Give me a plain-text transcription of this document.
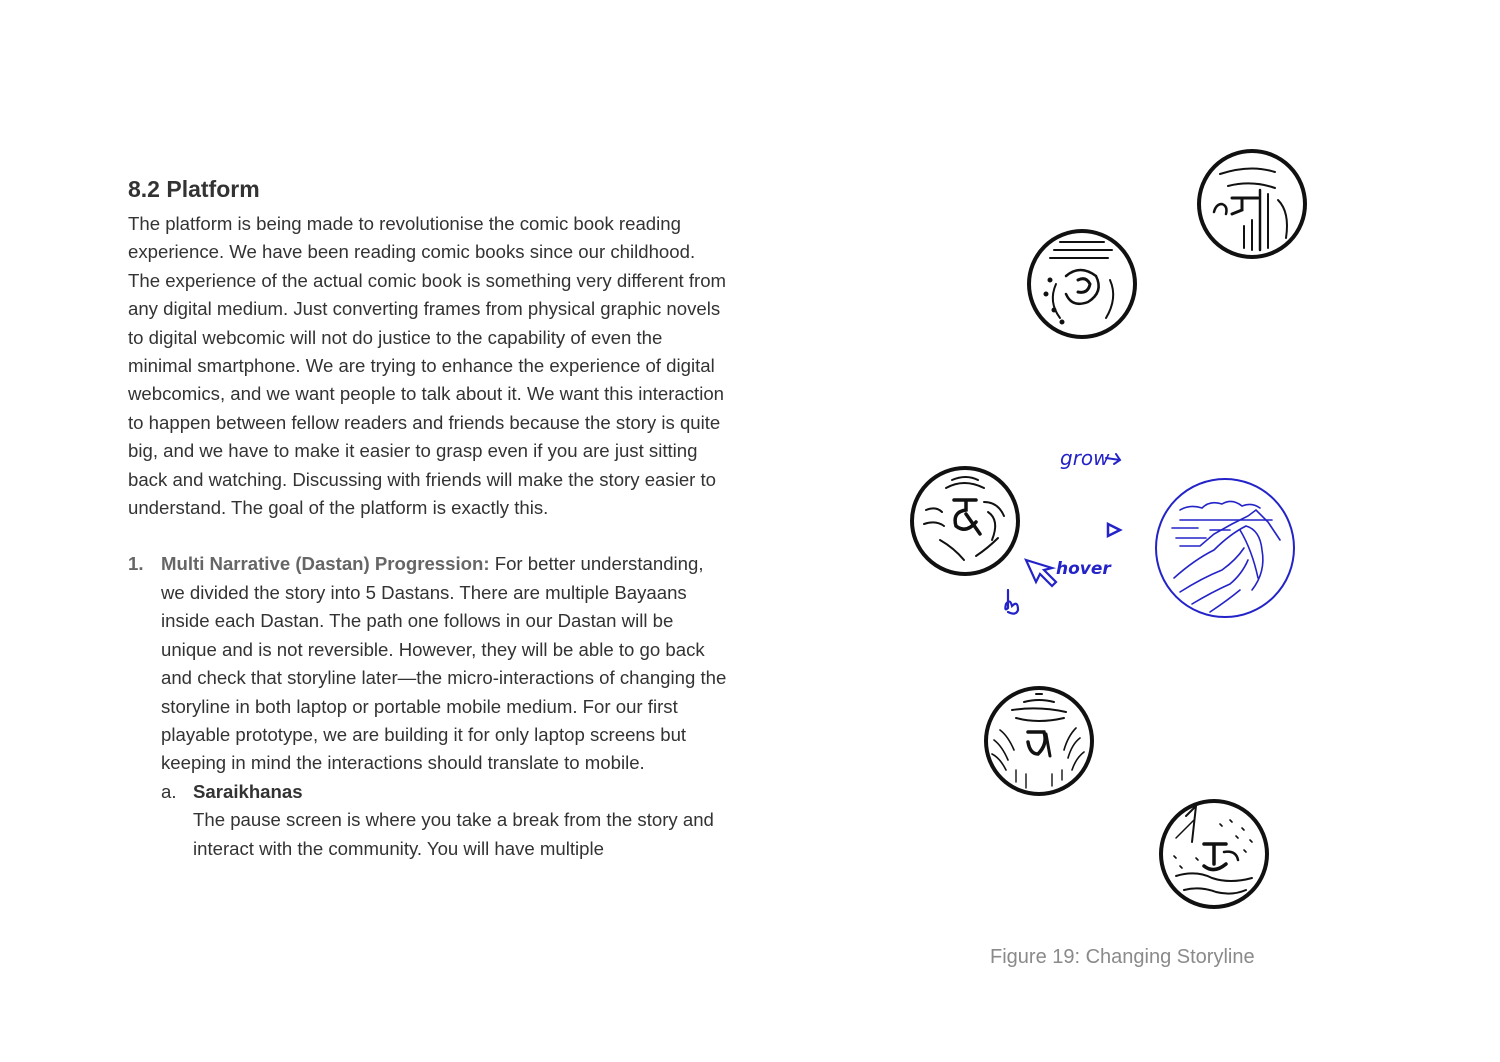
8.2 Platform

The platform is being made to revolutionise the comic book reading experience. We have been reading comic books since our childhood. The experience of the actual comic book is something very different from any digital medium. Just converting frames from physical graphic novels to digital webcomic will not do justice to the capability of even the minimal smartphone. We are trying to enhance the experience of digital webcomics, and we want people to talk about it. We want this interaction to happen between fellow readers and friends because the story is quite big, and we have to make it easier to grasp even if you are just sitting back and watching. Discussing with friends will make the story easier to understand. The goal of the platform is exactly this.

1. Multi Narrative (Dastan) Progression: For better understanding, we divided the story into 5 Dastans. There are multiple Bayaans inside each Dastan. The path one follows in our Dastan will be unique and is not reversible. However, they will be able to go back and check that storyline later—the micro-interactions of changing the storyline in both laptop or portable mobile medium. For our first playable prototype, we are building it for only laptop screens but keeping in mind the interactions should translate to mobile.
a. Saraikhanas
The pause screen is where you take a break from the story and interact with the community. You will have multiple
grow
hover
Figure 19: Changing Storyline
